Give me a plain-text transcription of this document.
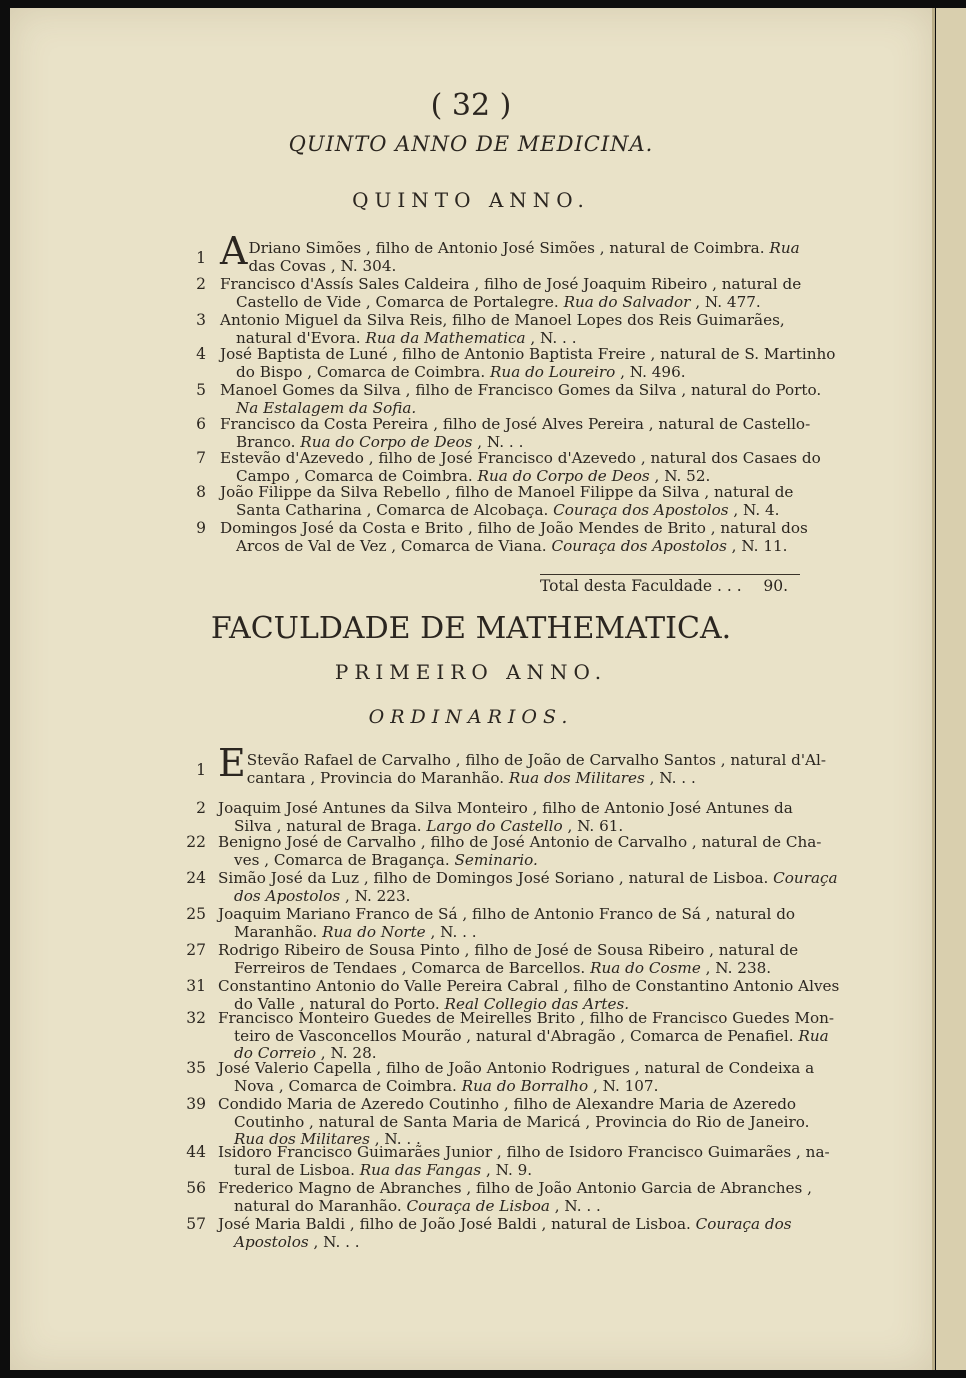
( 32 )
QUINTO ANNO DE MEDICINA.
QUINTO ANNO.
1 A Driano Simões , filho de Antonio José Simões , natural de Coimbra. Rua
das Covas , N. 304.
2 Francisco d'Assís Sales Caldeira , filho de José Joaquim Ribeiro , natural de
Castello de Vide , Comarca de Portalegre. Rua do Salvador , N. 477.
3 Antonio Miguel da Silva Reis, filho de Manoel Lopes dos Reis Guimarães,
natural d'Evora. Rua da Mathematica , N. . .
4 José Baptista de Luné , filho de Antonio Baptista Freire , natural de S. Martinho
do Bispo , Comarca de Coimbra. Rua do Loureiro , N. 496.
5 Manoel Gomes da Silva , filho de Francisco Gomes da Silva , natural do Porto.
Na Estalagem da Sofia.
6 Francisco da Costa Pereira , filho de José Alves Pereira , natural de Castello-
Branco. Rua do Corpo de Deos , N. . .
7 Estevão d'Azevedo , filho de José Francisco d'Azevedo , natural dos Casaes do
Campo , Comarca de Coimbra. Rua do Corpo de Deos , N. 52.
8 João Filippe da Silva Rebello , filho de Manoel Filippe da Silva , natural de
Santa Catharina , Comarca de Alcobaça. Couraça dos Apostolos , N. 4.
9 Domingos José da Costa e Brito , filho de João Mendes de Brito , natural dos
Arcos de Val de Vez , Comarca de Viana. Couraça dos Apostolos , N. 11.
Total desta Faculdade . . . 90.
FACULDADE DE MATHEMATICA.
PRIMEIRO ANNO.
ORDINARIOS.
1 E Stevão Rafael de Carvalho , filho de João de Carvalho Santos , natural d'Al-
cantara , Provincia do Maranhão. Rua dos Militares , N. . .
2 Joaquim José Antunes da Silva Monteiro , filho de Antonio José Antunes da
Silva , natural de Braga. Largo do Castello , N. 61.
22 Benigno José de Carvalho , filho de José Antonio de Carvalho , natural de Cha-
ves , Comarca de Bragança. Seminario.
24 Simão José da Luz , filho de Domingos José Soriano , natural de Lisboa. Couraça
dos Apostolos , N. 223.
25 Joaquim Mariano Franco de Sá , filho de Antonio Franco de Sá , natural do
Maranhão. Rua do Norte , N. . .
27 Rodrigo Ribeiro de Sousa Pinto , filho de José de Sousa Ribeiro , natural de
Ferreiros de Tendaes , Comarca de Barcellos. Rua do Cosme , N. 238.
31 Constantino Antonio do Valle Pereira Cabral , filho de Constantino Antonio Alves
do Valle , natural do Porto. Real Collegio das Artes.
32 Francisco Monteiro Guedes de Meirelles Brito , filho de Francisco Guedes Mon-
teiro de Vasconcellos Mourão , natural d'Abragão , Comarca de Penafiel. Rua
do Correio , N. 28.
35 José Valerio Capella , filho de João Antonio Rodrigues , natural de Condeixa a
Nova , Comarca de Coimbra. Rua do Borralho , N. 107.
39 Condido Maria de Azeredo Coutinho , filho de Alexandre Maria de Azeredo
Coutinho , natural de Santa Maria de Maricá , Provincia do Rio de Janeiro.
Rua dos Militares , N. . .
44 Isidoro Francisco Guimarães Junior , filho de Isidoro Francisco Guimarães , na-
tural de Lisboa. Rua das Fangas , N. 9.
56 Frederico Magno de Abranches , filho de João Antonio Garcia de Abranches ,
natural do Maranhão. Couraça de Lisboa , N. . .
57 José Maria Baldi , filho de João José Baldi , natural de Lisboa. Couraça dos
Apostolos , N. . .
